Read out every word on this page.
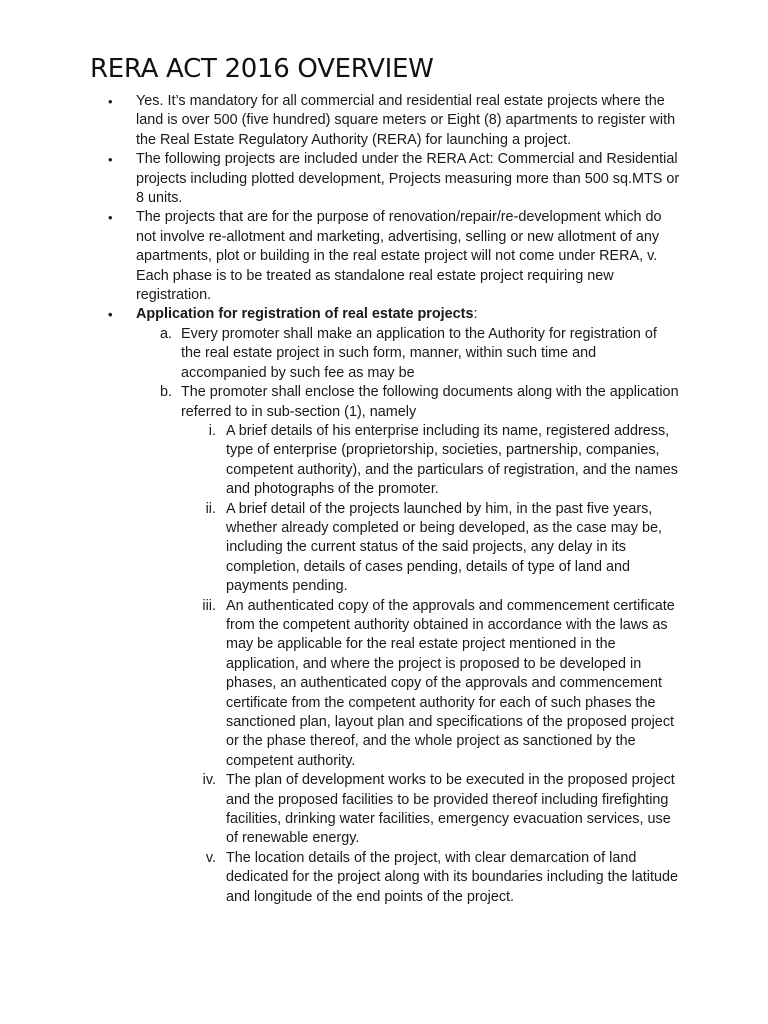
RERA ACT 2016 OVERVIEW
•	Yes. It’s mandatory for all commercial and residential real estate projects where the land is over 500 (five hundred) square meters or Eight (8) apartments to register with the Real Estate Regulatory Authority (RERA) for launching a project.
•	The following projects are included under the RERA Act: Commercial and Residential projects including plotted development, Projects measuring more than 500 sq.MTS or 8 units.
•	The projects that are for the purpose of renovation/repair/re-development which do not involve re-allotment and marketing, advertising, selling or new allotment of any apartments, plot or building in the real estate project will not come under RERA, v. Each phase is to be treated as standalone real estate project requiring new registration.
•	Application for registration of real estate projects:
a. Every promoter shall make an application to the Authority for registration of the real estate project in such form, manner, within such time and accompanied by such fee as may be
b. The promoter shall enclose the following documents along with the application referred to in sub-section (1), namely
i. A brief details of his enterprise including its name, registered address, type of enterprise (proprietorship, societies, partnership, companies, competent authority), and the particulars of registration, and the names and photographs of the promoter.
ii. A brief detail of the projects launched by him, in the past five years, whether already completed or being developed, as the case may be, including the current status of the said projects, any delay in its completion, details of cases pending, details of type of land and payments pending.
iii. An authenticated copy of the approvals and commencement certificate from the competent authority obtained in accordance with the laws as may be applicable for the real estate project mentioned in the application, and where the project is proposed to be developed in phases, an authenticated copy of the approvals and commencement certificate from the competent authority for each of such phases the sanctioned plan, layout plan and specifications of the proposed project or the phase thereof, and the whole project as sanctioned by the competent authority.
iv. The plan of development works to be executed in the proposed project and the proposed facilities to be provided thereof including firefighting facilities, drinking water facilities, emergency evacuation services, use of renewable energy.
v. The location details of the project, with clear demarcation of land dedicated for the project along with its boundaries including the latitude and longitude of the end points of the project.
